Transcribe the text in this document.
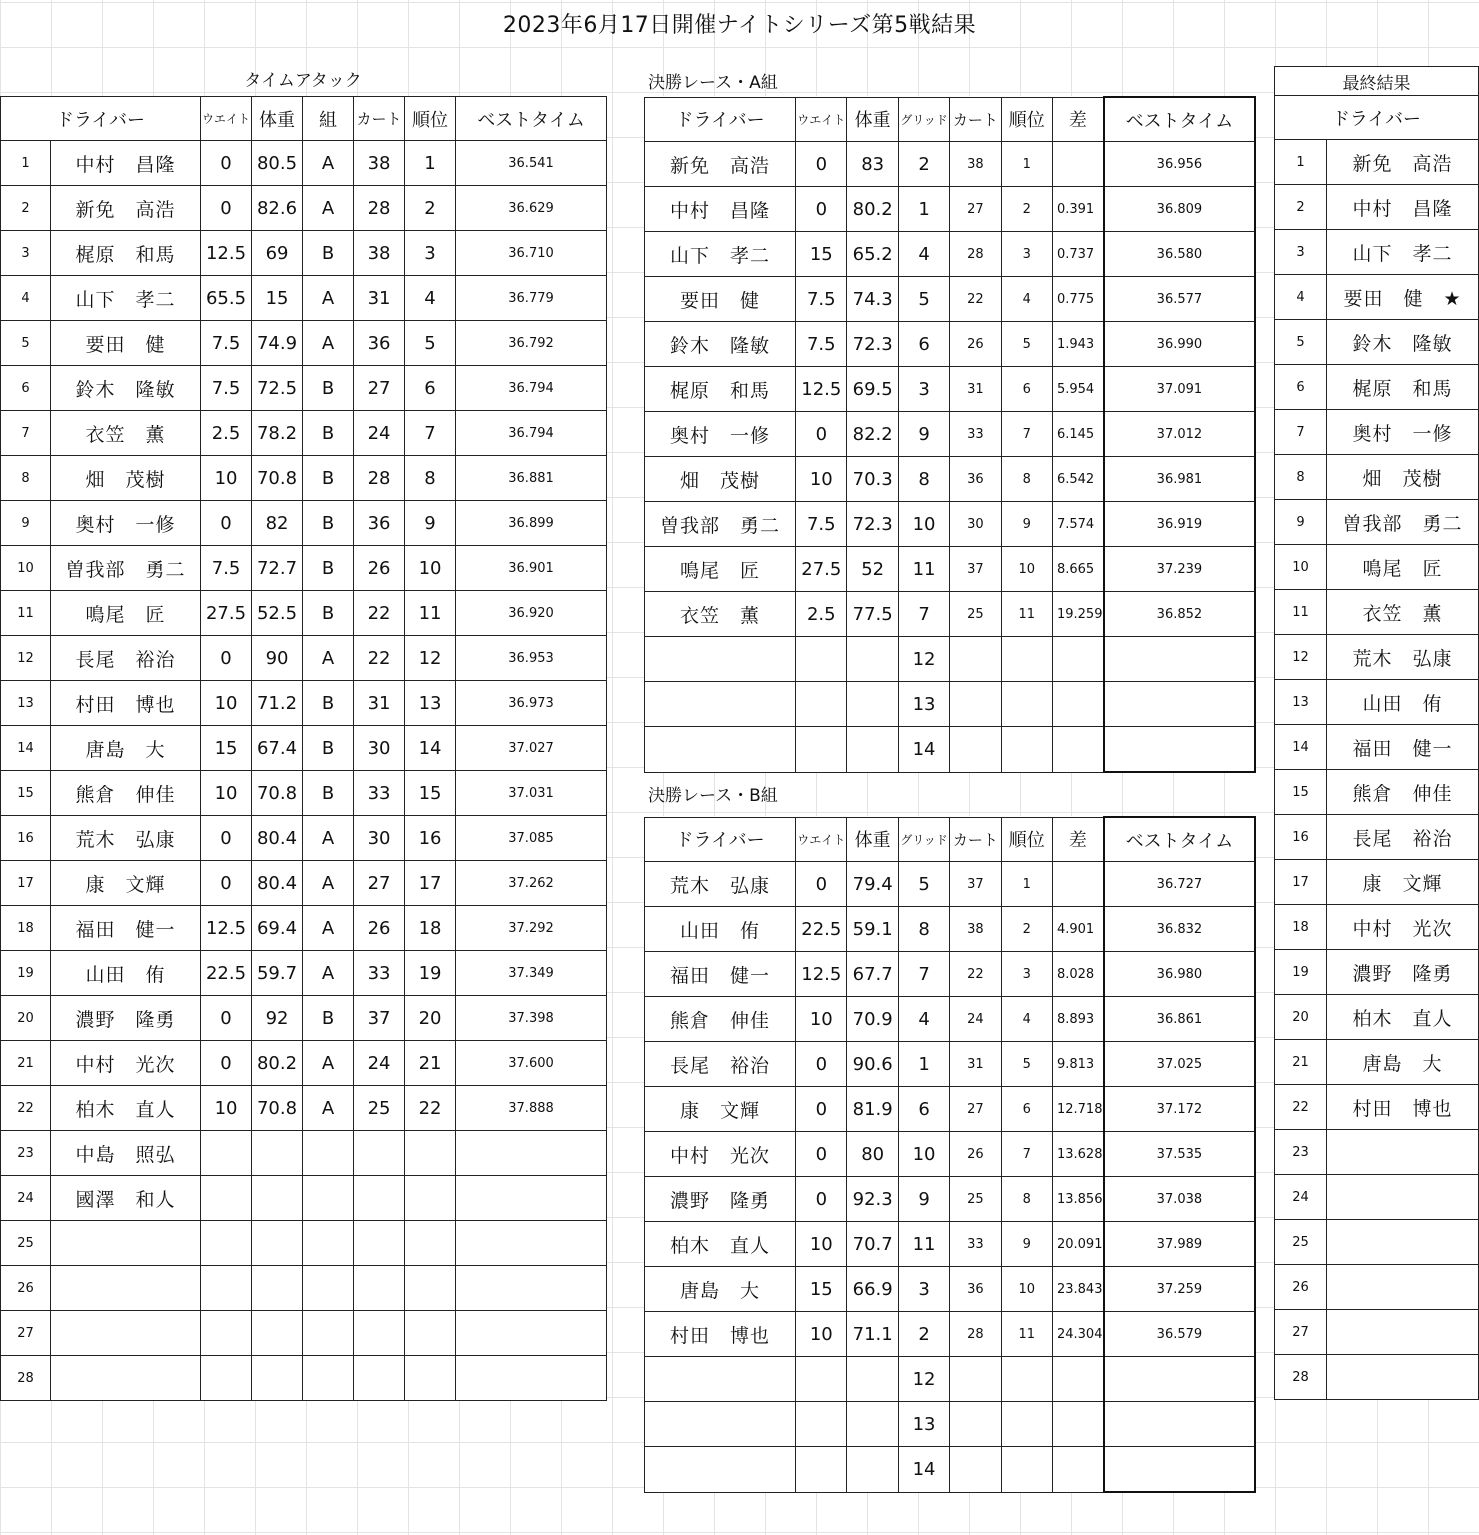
2023年6月17日開催ナイトシリーズ第5戦結果
タイムアタック
ドライバー		ウエイト	体重	組	カート	順位	ベストタイム
1	中村　昌隆	0	80.5	A	38	1	36.541
2	新免　高浩	0	82.6	A	28	2	36.629
3	梶原　和馬	12.5	69	B	38	3	36.710
4	山下　孝二	65.5	15	A	31	4	36.779
5	要田　健	7.5	74.9	A	36	5	36.792
6	鈴木　隆敏	7.5	72.5	B	27	6	36.794
7	衣笠　薫	2.5	78.2	B	24	7	36.794
8	畑　茂樹	10	70.8	B	28	8	36.881
9	奥村　一修	0	82	B	36	9	36.899
10	曽我部　勇二	7.5	72.7	B	26	10	36.901
11	鳴尾　匠	27.5	52.5	B	22	11	36.920
12	長尾　裕治	0	90	A	22	12	36.953
13	村田　博也	10	71.2	B	31	13	36.973
14	唐島　大	15	67.4	B	30	14	37.027
15	熊倉　伸佳	10	70.8	B	33	15	37.031
16	荒木　弘康	0	80.4	A	30	16	37.085
17	康　文輝	0	80.4	A	27	17	37.262
18	福田　健一	12.5	69.4	A	26	18	37.292
19	山田　侑	22.5	59.7	A	33	19	37.349
20	濃野　隆勇	0	92	B	37	20	37.398
21	中村　光次	0	80.2	A	24	21	37.600
22	柏木　直人	10	70.8	A	25	22	37.888
23	中島　照弘						
24	國澤　和人						
25							
26							
27							
28							
決勝レース・A組
ドライバー	ウエイト	体重	グリッド	カート	順位	差	ベストタイム
新免　高浩	0	83	2	38	1		36.956
中村　昌隆	0	80.2	1	27	2	0.391	36.809
山下　孝二	15	65.2	4	28	3	0.737	36.580
要田　健	7.5	74.3	5	22	4	0.775	36.577
鈴木　隆敏	7.5	72.3	6	26	5	1.943	36.990
梶原　和馬	12.5	69.5	3	31	6	5.954	37.091
奥村　一修	0	82.2	9	33	7	6.145	37.012
畑　茂樹	10	70.3	8	36	8	6.542	36.981
曽我部　勇二	7.5	72.3	10	30	9	7.574	36.919
鳴尾　匠	27.5	52	11	37	10	8.665	37.239
衣笠　薫	2.5	77.5	7	25	11	19.259	36.852
			12				
			13				
			14				
決勝レース・B組
ドライバー	ウエイト	体重	グリッド	カート	順位	差	ベストタイム
荒木　弘康	0	79.4	5	37	1		36.727
山田　侑	22.5	59.1	8	38	2	4.901	36.832
福田　健一	12.5	67.7	7	22	3	8.028	36.980
熊倉　伸佳	10	70.9	4	24	4	8.893	36.861
長尾　裕治	0	90.6	1	31	5	9.813	37.025
康　文輝	0	81.9	6	27	6	12.718	37.172
中村　光次	0	80	10	26	7	13.628	37.535
濃野　隆勇	0	92.3	9	25	8	13.856	37.038
柏木　直人	10	70.7	11	33	9	20.091	37.989
唐島　大	15	66.9	3	36	10	23.843	37.259
村田　博也	10	71.1	2	28	11	24.304	36.579
			12				
			13				
			14				
最終結果	
ドライバー	
1	新免　高浩
2	中村　昌隆
3	山下　孝二
4	要田　健　★
5	鈴木　隆敏
6	梶原　和馬
7	奥村　一修
8	畑　茂樹
9	曽我部　勇二
10	鳴尾　匠
11	衣笠　薫
12	荒木　弘康
13	山田　侑
14	福田　健一
15	熊倉　伸佳
16	長尾　裕治
17	康　文輝
18	中村　光次
19	濃野　隆勇
20	柏木　直人
21	唐島　大
22	村田　博也
23	
24	
25	
26	
27	
28	
